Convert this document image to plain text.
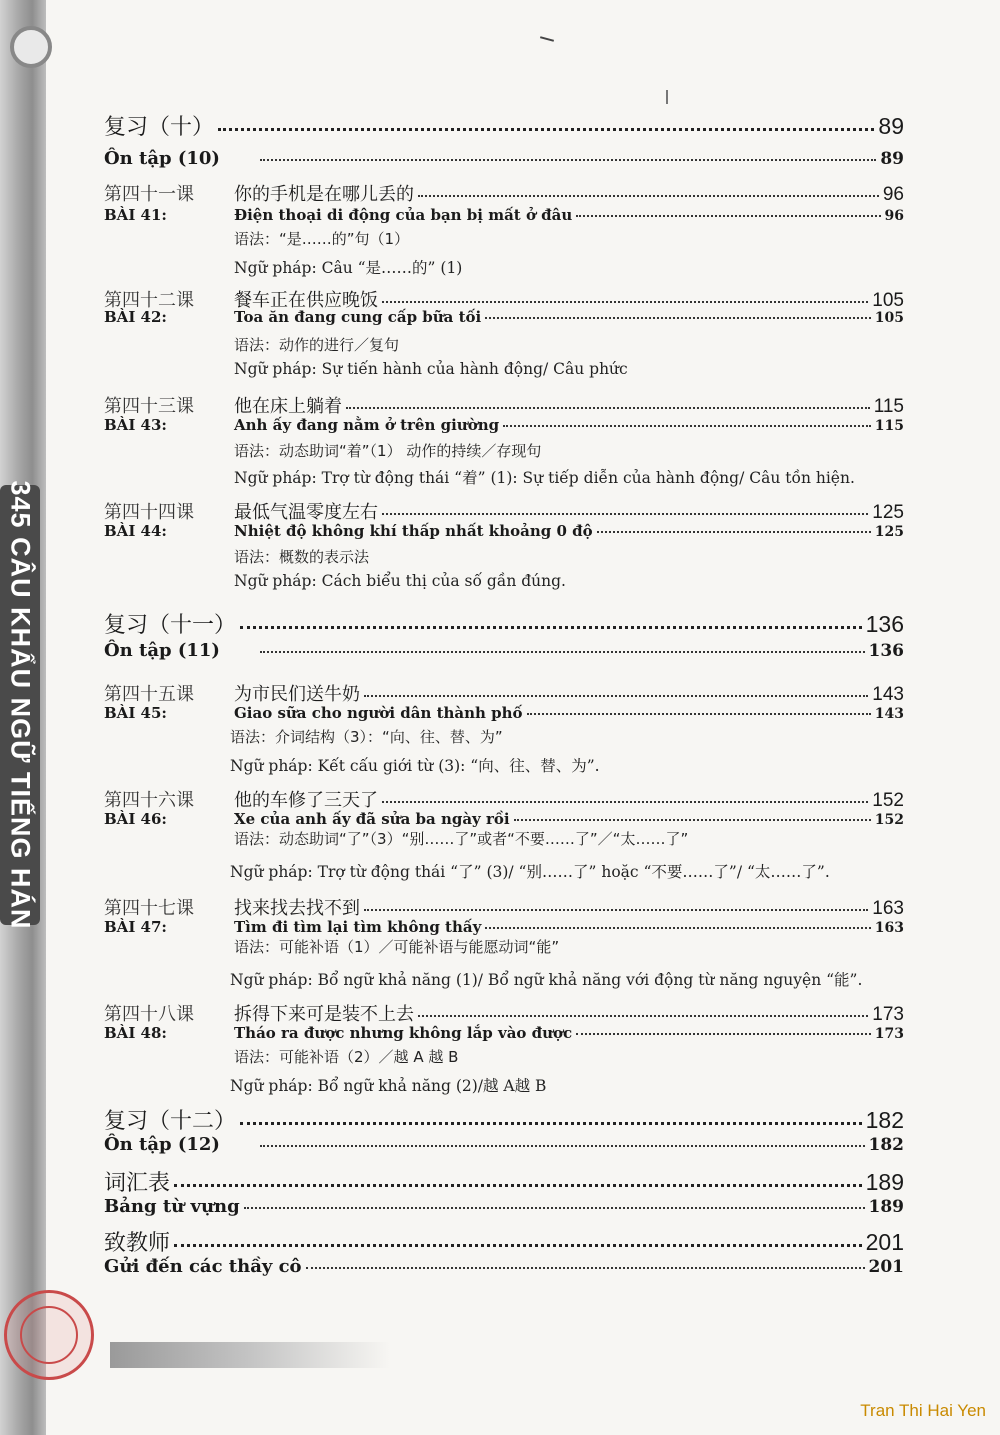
345 CÂU KHẨU NGỮ TIẾNG HÁN
复习（十）	89
Ôn tập (10)	89
第四十一课	你的手机是在哪儿丢的	96
BÀI 41:	Điện thoại di động của bạn bị mất ở đâu	96
语法：“是……的”句（1）
Ngữ pháp: Câu “是……的” (1)
第四十二课	餐车正在供应晚饭	105
BÀI 42:	Toa ăn đang cung cấp bữa tối	105
语法：动作的进行／复句
Ngữ pháp: Sự tiến hành của hành động/ Câu phức
第四十三课	他在床上躺着	115
BÀI 43:	Anh ấy đang nằm ở trên giường	115
语法：动态助词“着”（1） 动作的持续／存现句
Ngữ pháp: Trợ từ động thái “着” (1): Sự tiếp diễn của hành động/ Câu tồn hiện.
第四十四课	最低气温零度左右	125
BÀI 44:	Nhiệt độ không khí thấp nhất khoảng 0 độ	125
语法：概数的表示法
Ngữ pháp: Cách biểu thị của số gần đúng.
复习（十一）	136
Ôn tập (11)	136
第四十五课	为市民们送牛奶	143
BÀI 45:	Giao sữa cho người dân thành phố	143
语法：介词结构（3）：“向、往、替、为”
Ngữ pháp: Kết cấu giới từ (3): “向、往、替、为”.
第四十六课	他的车修了三天了	152
BÀI 46:	Xe của anh ấy đã sửa ba ngày rồi	152
语法：动态助词“了”（3）“别……了”或者“不要……了”／“太……了”
Ngữ pháp: Trợ từ động thái “了” (3)/ “别……了” hoặc “不要……了”/ “太……了”.
第四十七课	找来找去找不到	163
BÀI 47:	Tìm đi tìm lại tìm không thấy	163
语法：可能补语（1）／可能补语与能愿动词“能”
Ngữ pháp: Bổ ngữ khả năng (1)/ Bổ ngữ khả năng với động từ năng nguyện “能”.
第四十八课	拆得下来可是装不上去	173
BÀI 48:	Tháo ra được nhưng không lắp vào được	173
语法：可能补语（2）／越 A 越 B
Ngữ pháp: Bổ ngữ khả năng (2)/越 A越 B
复习（十二）	182
Ôn tập (12)	182
词汇表	189
Bảng từ vựng	189
致教师	201
Gửi đến các thầy cô	201
Tran Thi Hai Yen
